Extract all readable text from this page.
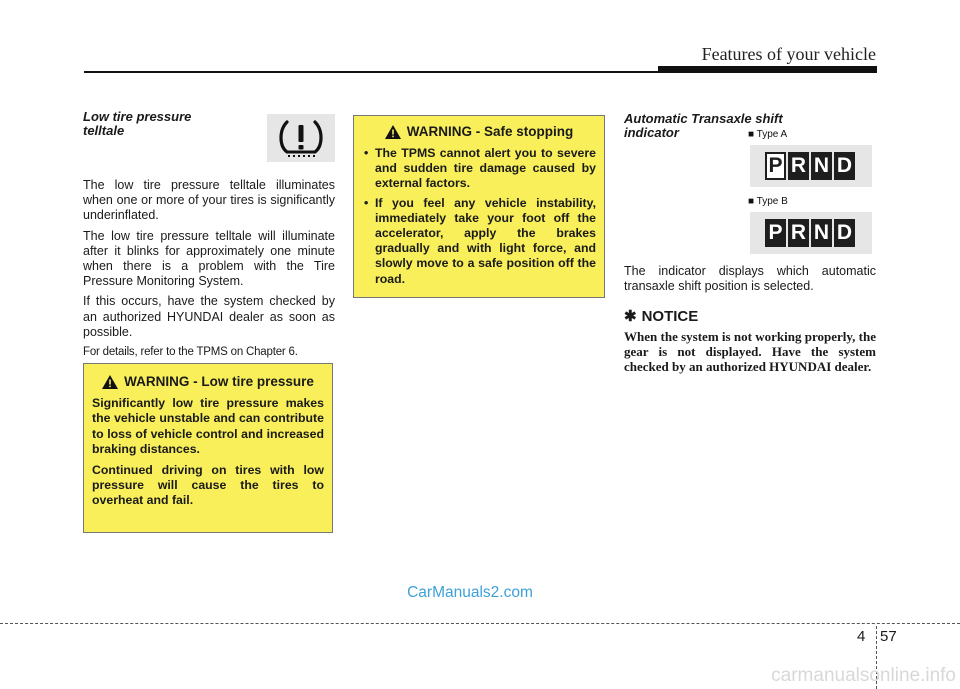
Features of your vehicle
Low tire pressure
telltale

The low tire pressure telltale illuminates when one or more of your tires is significantly underinflated.

The low tire pressure telltale will illuminate after it blinks for approximately one minute when there is a problem with the Tire Pressure Monitoring System.

If this occurs, have the system checked by an authorized HYUNDAI dealer as soon as possible.

For details, refer to the TPMS on Chapter 6.

WARNING - Low tire pressure

Significantly low tire pressure makes the vehicle unstable and can contribute to loss of vehicle control and increased braking distances.

Continued driving on tires with low pressure will cause the tires to overheat and fail.

WARNING - Safe stopping
• The TPMS cannot alert you to severe and sudden tire damage caused by external factors.
• If you feel any vehicle instability, immediately take your foot off the accelerator, apply the brakes gradually and with light force, and slowly move to a safe position off the road.
Automatic Transaxle shift
indicator	■ Type A
P R N D
■ Type B
P R N D

The indicator displays which automatic transaxle shift position is selected.

✱ NOTICE

When the system is not working properly, the gear is not displayed. Have the system checked by an authorized HYUNDAI dealer.

CarManuals2.com
4 57
carmanualsonline.info
